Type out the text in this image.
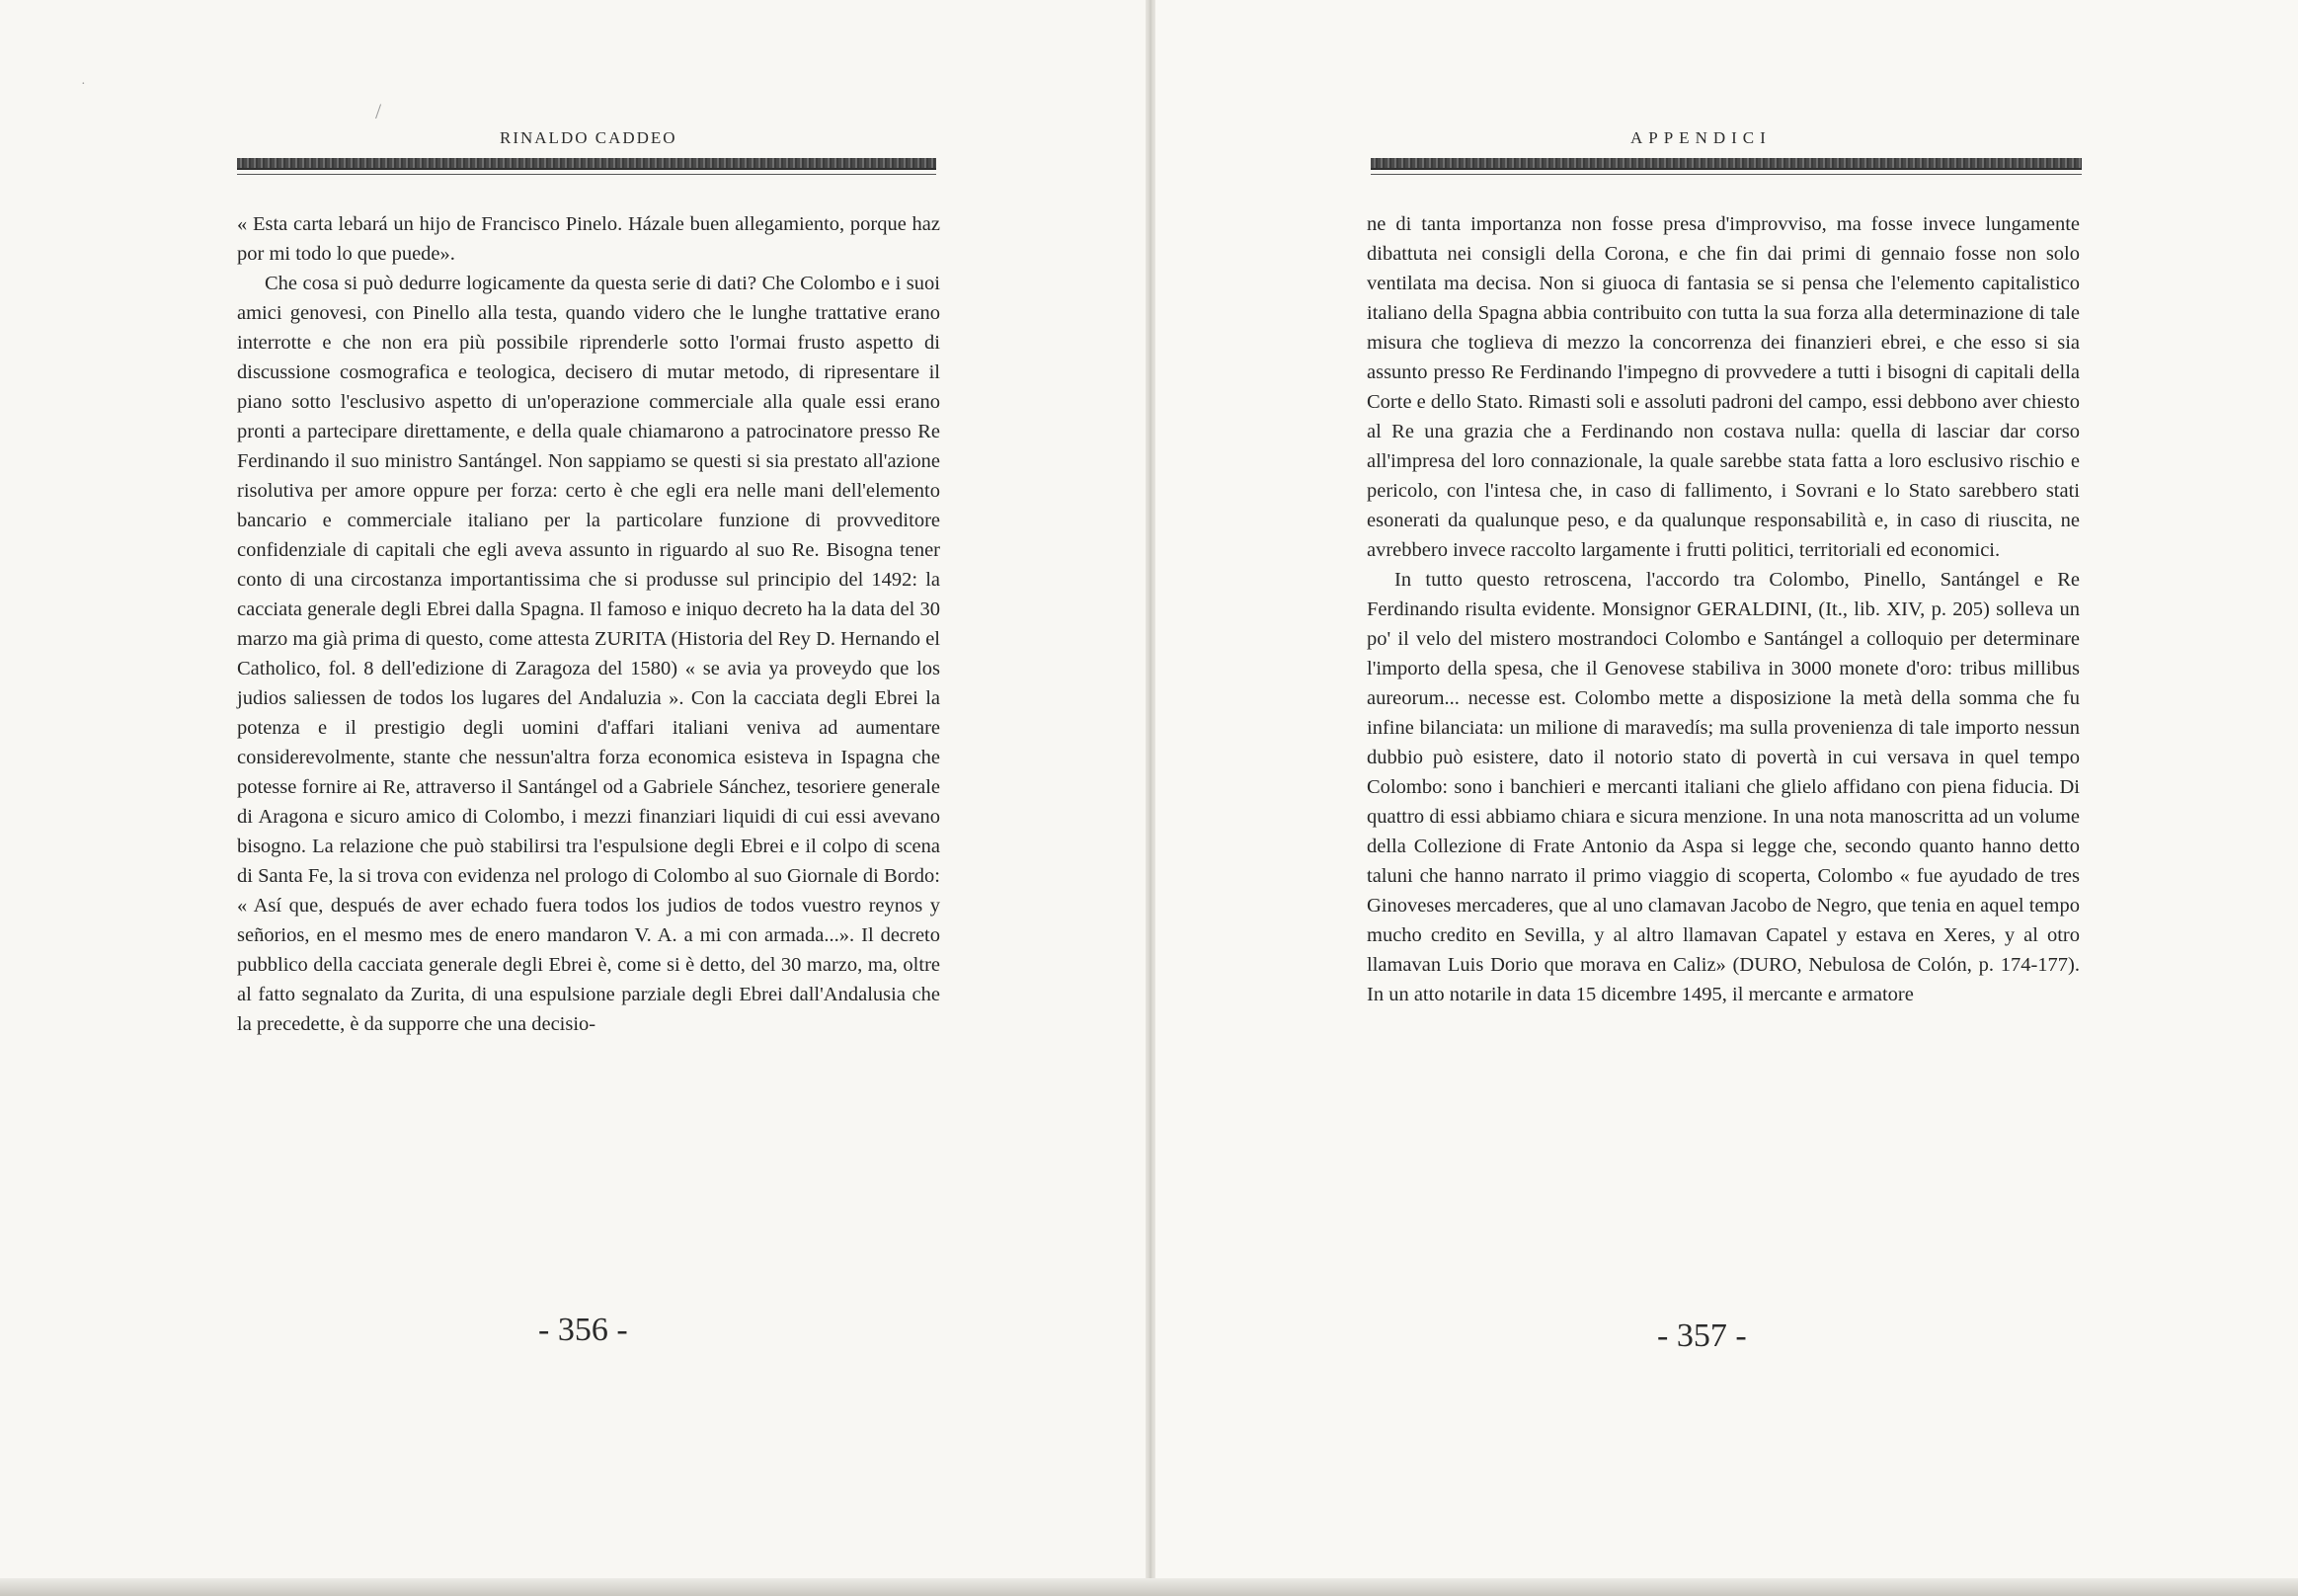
·
/
RINALDO CADDEO

« Esta carta lebará un hijo de Francisco Pinelo. Házale buen allegamiento, porque haz por mi todo lo que puede».

Che cosa si può dedurre logicamente da questa serie di dati? Che Colombo e i suoi amici genovesi, con Pinello alla testa, quando videro che le lunghe trattative erano interrotte e che non era più possibile riprenderle sotto l'ormai frusto aspetto di discussione cosmografica e teologica, decisero di mutar metodo, di ripresentare il piano sotto l'esclusivo aspetto di un'operazione commerciale alla quale essi erano pronti a partecipare direttamente, e della quale chiamarono a patrocinatore presso Re Ferdinando il suo ministro Santángel. Non sappiamo se questi si sia prestato all'azione risolutiva per amore oppure per forza: certo è che egli era nelle mani dell'elemento bancario e commerciale italiano per la particolare funzione di provveditore confidenziale di capitali che egli aveva assunto in riguardo al suo Re. Bisogna tener conto di una circostanza importantissima che si produsse sul principio del 1492: la cacciata generale degli Ebrei dalla Spagna. Il famoso e iniquo decreto ha la data del 30 marzo ma già prima di questo, come attesta ZURITA (Historia del Rey D. Hernando el Catholico, fol. 8 dell'edizione di Zaragoza del 1580) « se avia ya proveydo que los judios saliessen de todos los lugares del Andaluzia ». Con la cacciata degli Ebrei la potenza e il prestigio degli uomini d'affari italiani veniva ad aumentare considerevolmente, stante che nessun'altra forza economica esisteva in Ispagna che potesse fornire ai Re, attraverso il Santángel od a Gabriele Sánchez, tesoriere generale di Aragona e sicuro amico di Colombo, i mezzi finanziari liquidi di cui essi avevano bisogno. La relazione che può stabilirsi tra l'espulsione degli Ebrei e il colpo di scena di Santa Fe, la si trova con evidenza nel prologo di Colombo al suo Giornale di Bordo: « Así que, después de aver echado fuera todos los judios de todos vuestro reynos y señorios, en el mesmo mes de enero mandaron V. A. a mi con armada...». Il decreto pubblico della cacciata generale degli Ebrei è, come si è detto, del 30 marzo, ma, oltre al fatto segnalato da Zurita, di una espulsione parziale degli Ebrei dall'Andalusia che la precedette, è da supporre che una decisio-

- 356 -
APPENDICI

ne di tanta importanza non fosse presa d'improvviso, ma fosse invece lungamente dibattuta nei consigli della Corona, e che fin dai primi di gennaio fosse non solo ventilata ma decisa. Non si giuoca di fantasia se si pensa che l'elemento capitalistico italiano della Spagna abbia contribuito con tutta la sua forza alla determinazione di tale misura che toglieva di mezzo la concorrenza dei finanzieri ebrei, e che esso si sia assunto presso Re Ferdinando l'impegno di provvedere a tutti i bisogni di capitali della Corte e dello Stato. Rimasti soli e assoluti padroni del campo, essi debbono aver chiesto al Re una grazia che a Ferdinando non costava nulla: quella di lasciar dar corso all'impresa del loro connazionale, la quale sarebbe stata fatta a loro esclusivo rischio e pericolo, con l'intesa che, in caso di fallimento, i Sovrani e lo Stato sarebbero stati esonerati da qualunque peso, e da qualunque responsabilità e, in caso di riuscita, ne avrebbero invece raccolto largamente i frutti politici, territoriali ed economici.

In tutto questo retroscena, l'accordo tra Colombo, Pinello, Santángel e Re Ferdinando risulta evidente. Monsignor GERALDINI, (It., lib. XIV, p. 205) solleva un po' il velo del mistero mostrandoci Colombo e Santángel a colloquio per determinare l'importo della spesa, che il Genovese stabiliva in 3000 monete d'oro: tribus millibus aureorum... necesse est. Colombo mette a disposizione la metà della somma che fu infine bilanciata: un milione di maravedís; ma sulla provenienza di tale importo nessun dubbio può esistere, dato il notorio stato di povertà in cui versava in quel tempo Colombo: sono i banchieri e mercanti italiani che glielo affidano con piena fiducia. Di quattro di essi abbiamo chiara e sicura menzione. In una nota manoscritta ad un volume della Collezione di Frate Antonio da Aspa si legge che, secondo quanto hanno detto taluni che hanno narrato il primo viaggio di scoperta, Colombo « fue ayudado de tres Ginoveses mercaderes, que al uno clamavan Jacobo de Negro, que tenia en aquel tempo mucho credito en Sevilla, y al altro llamavan Capatel y estava en Xeres, y al otro llamavan Luis Dorio que morava en Caliz» (DURO, Nebulosa de Colón, p. 174-177). In un atto notarile in data 15 dicembre 1495, il mercante e armatore

- 357 -
